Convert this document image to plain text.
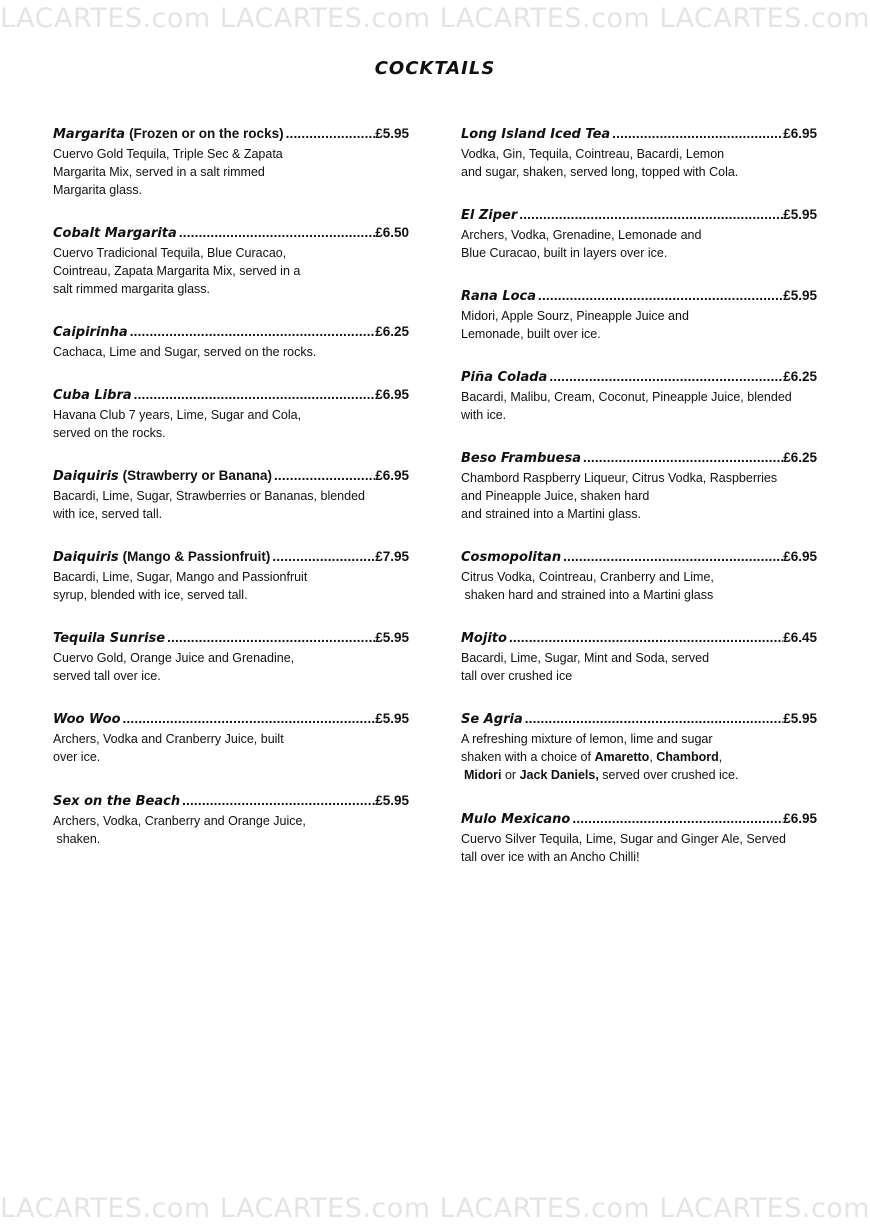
LACARTES.com LACARTES.com LACARTES.com LACARTES.com
COCKTAILS
Margarita (Frozen or on the rocks) .....	£5.95
Cuervo Gold Tequila, Triple Sec & Zapata
Margarita Mix, served in a salt rimmed
Margarita glass.
Cobalt Margarita .....	£6.50
Cuervo Tradicional Tequila, Blue Curacao,
Cointreau, Zapata Margarita Mix, served in a
salt rimmed margarita glass.
Caipirinha .....	£6.25
Cachaca, Lime and Sugar, served on the rocks.
Cuba Libra .....	£6.95
Havana Club 7 years, Lime, Sugar and Cola,
served on the rocks.
Daiquiris (Strawberry or Banana) .....	£6.95
Bacardi, Lime, Sugar, Strawberries or Bananas, blended
with ice, served tall.
Daiquiris (Mango & Passionfruit) .....	£7.95
Bacardi, Lime, Sugar, Mango and Passionfruit
syrup, blended with ice, served tall.
Tequila Sunrise .....	£5.95
Cuervo Gold, Orange Juice and Grenadine,
served tall over ice.
Woo Woo .....	£5.95
Archers, Vodka and Cranberry Juice, built
over ice.
Sex on the Beach .....	£5.95
Archers, Vodka, Cranberry and Orange Juice,
shaken.
Long Island Iced Tea .....	£6.95
Vodka, Gin, Tequila, Cointreau, Bacardi, Lemon
and sugar, shaken, served long, topped with Cola.
El Ziper .....	£5.95
Archers, Vodka, Grenadine, Lemonade and
Blue Curacao, built in layers over ice.
Rana Loca .....	£5.95
Midori, Apple Sourz, Pineapple Juice and
Lemonade, built over ice.
Piña Colada .....	£6.25
Bacardi, Malibu, Cream, Coconut, Pineapple Juice, blended
with ice.
Beso Frambuesa .....	£6.25
Chambord Raspberry Liqueur, Citrus Vodka, Raspberries
and Pineapple Juice, shaken hard
and strained into a Martini glass.
Cosmopolitan .....	£6.95
Citrus Vodka, Cointreau, Cranberry and Lime,
shaken hard and strained into a Martini glass
Mojito .....	£6.45
Bacardi, Lime, Sugar, Mint and Soda, served
tall over crushed ice
Se Agria .....	£5.95
A refreshing mixture of lemon, lime and sugar
shaken with a choice of Amaretto, Chambord,
Midori or Jack Daniels, served over crushed ice.
Mulo Mexicano .....	£6.95
Cuervo Silver Tequila, Lime, Sugar and Ginger Ale, Served
tall over ice with an Ancho Chilli!
LACARTES.com LACARTES.com LACARTES.com LACARTES.com
